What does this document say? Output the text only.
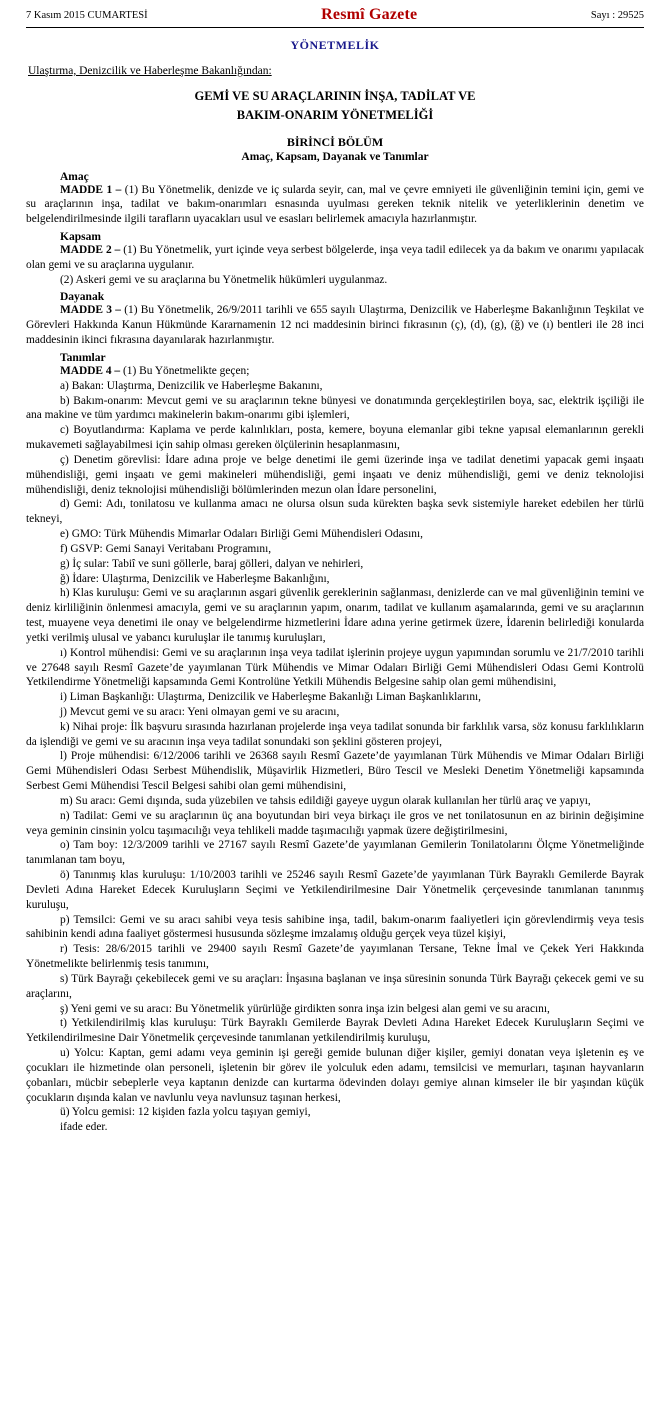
7 Kasım 2015 CUMARTESİ	Resmî Gazete	Sayı : 29525
YÖNETMELİK
Ulaştırma, Denizcilik ve Haberleşme Bakanlığından:
GEMİ VE SU ARAÇLARININ İNŞA, TADİLAT VE
BAKIM-ONARIM YÖNETMELİĞİ
BİRİNCİ BÖLÜM
Amaç, Kapsam, Dayanak ve Tanımlar
Amaç

MADDE 1 – (1) Bu Yönetmelik, denizde ve iç sularda seyir, can, mal ve çevre emniyeti ile güvenliğinin temini için, gemi ve su araçlarının inşa, tadilat ve bakım-onarımları esnasında uyulması gereken teknik nitelik ve yeterliklerinin denetim ve belgelendirilmesinde ilgili tarafların uyacakları usul ve esasları belirlemek amacıyla hazırlanmıştır.

Kapsam

MADDE 2 – (1) Bu Yönetmelik, yurt içinde veya serbest bölgelerde, inşa veya tadil edilecek ya da bakım ve onarımı yapılacak olan gemi ve su araçlarına uygulanır.

(2) Askeri gemi ve su araçlarına bu Yönetmelik hükümleri uygulanmaz.

Dayanak

MADDE 3 – (1) Bu Yönetmelik, 26/9/2011 tarihli ve 655 sayılı Ulaştırma, Denizcilik ve Haberleşme Bakanlığının Teşkilat ve Görevleri Hakkında Kanun Hükmünde Kararnamenin 12 nci maddesinin birinci fıkrasının (ç), (d), (g), (ğ) ve (ı) bentleri ile 28 inci maddesinin ikinci fıkrasına dayanılarak hazırlanmıştır.

Tanımlar

MADDE 4 – (1) Bu Yönetmelikte geçen;

a) Bakan: Ulaştırma, Denizcilik ve Haberleşme Bakanını,

b) Bakım-onarım: Mevcut gemi ve su araçlarının tekne bünyesi ve donatımında gerçekleştirilen boya, sac, elektrik işçiliği ile ana makine ve tüm yardımcı makinelerin bakım-onarımı gibi işlemleri,

c) Boyutlandırma: Kaplama ve perde kalınlıkları, posta, kemere, boyuna elemanlar gibi tekne yapısal elemanlarının gerekli mukavemeti sağlayabilmesi için sahip olması gereken ölçülerinin hesaplanmasını,

ç) Denetim görevlisi: İdare adına proje ve belge denetimi ile gemi üzerinde inşa ve tadilat denetimi yapacak gemi inşaatı mühendisliği, gemi inşaatı ve gemi makineleri mühendisliği, gemi inşaatı ve deniz mühendisliği, gemi ve deniz teknolojisi mühendisliği, deniz teknolojisi mühendisliği bölümlerinden mezun olan İdare personelini,

d) Gemi: Adı, tonilatosu ve kullanma amacı ne olursa olsun suda kürekten başka sevk sistemiyle hareket edebilen her türlü tekneyi,

e) GMO: Türk Mühendis Mimarlar Odaları Birliği Gemi Mühendisleri Odasını,

f) GSVP: Gemi Sanayi Veritabanı Programını,

g) İç sular: Tabiî ve suni göllerle, baraj gölleri, dalyan ve nehirleri,

ğ) İdare: Ulaştırma, Denizcilik ve Haberleşme Bakanlığını,

h) Klas kuruluşu: Gemi ve su araçlarının asgari güvenlik gereklerinin sağlanması, denizlerde can ve mal güvenliğinin temini ve deniz kirliliğinin önlenmesi amacıyla, gemi ve su araçlarının yapım, onarım, tadilat ve kullanım aşamalarında, gemi ve su araçlarının test, muayene veya denetimi ile onay ve belgelendirme hizmetlerini İdare adına yerine getirmek üzere, İdarenin belirlediği konularda yetki verilmiş ulusal ve yabancı kuruluşlar ile tanımış kuruluşları,

ı) Kontrol mühendisi: Gemi ve su araçlarının inşa veya tadilat işlerinin projeye uygun yapımından sorumlu ve 21/7/2010 tarihli ve 27648 sayılı Resmî Gazete’de yayımlanan Türk Mühendis ve Mimar Odaları Birliği Gemi Mühendisleri Odası Gemi Kontrolü Yetkilendirme Yönetmeliği kapsamında Gemi Kontrolüne Yetkili Mühendis Belgesine sahip olan gemi mühendisini,

i) Liman Başkanlığı: Ulaştırma, Denizcilik ve Haberleşme Bakanlığı Liman Başkanlıklarını,

j) Mevcut gemi ve su aracı: Yeni olmayan gemi ve su aracını,

k) Nihai proje: İlk başvuru sırasında hazırlanan projelerde inşa veya tadilat sonunda bir farklılık varsa, söz konusu farklılıkların da işlendiği ve gemi ve su aracının inşa veya tadilat sonundaki son şeklini gösteren projeyi,

l) Proje mühendisi: 6/12/2006 tarihli ve 26368 sayılı Resmî Gazete’de yayımlanan Türk Mühendis ve Mimar Odaları Birliği Gemi Mühendisleri Odası Serbest Mühendislik, Müşavirlik Hizmetleri, Büro Tescil ve Mesleki Denetim Yönetmeliği kapsamında Serbest Gemi Mühendisi Tescil Belgesi sahibi olan gemi mühendisini,

m) Su aracı: Gemi dışında, suda yüzebilen ve tahsis edildiği gayeye uygun olarak kullanılan her türlü araç ve yapıyı,

n) Tadilat: Gemi ve su araçlarının üç ana boyutundan biri veya birkaçı ile gros ve net tonilatosunun en az birinin değişimine veya geminin cinsinin yolcu taşımacılığı veya tehlikeli madde taşımacılığı yapmak üzere değiştirilmesini,

o) Tam boy: 12/3/2009 tarihli ve 27167 sayılı Resmî Gazete’de yayımlanan Gemilerin Tonilatolarını Ölçme Yönetmeliğinde tanımlanan tam boyu,

ö) Tanınmış klas kuruluşu: 1/10/2003 tarihli ve 25246 sayılı Resmî Gazete’de yayımlanan Türk Bayraklı Gemilerde Bayrak Devleti Adına Hareket Edecek Kuruluşların Seçimi ve Yetkilendirilmesine Dair Yönetmelik çerçevesinde tanımlanan tanınmış kuruluşu,

p) Temsilci: Gemi ve su aracı sahibi veya tesis sahibine inşa, tadil, bakım-onarım faaliyetleri için görevlendirmiş veya tesis sahibinin kendi adına faaliyet göstermesi hususunda sözleşme imzalamış olduğu gerçek veya tüzel kişiyi,

r) Tesis: 28/6/2015 tarihli ve 29400 sayılı Resmî Gazete’de yayımlanan Tersane, Tekne İmal ve Çekek Yeri Hakkında Yönetmelikte belirlenmiş tesis tanımını,

s) Türk Bayrağı çekebilecek gemi ve su araçları: İnşasına başlanan ve inşa süresinin sonunda Türk Bayrağı çekecek gemi ve su araçlarını,

ş) Yeni gemi ve su aracı: Bu Yönetmelik yürürlüğe girdikten sonra inşa izin belgesi alan gemi ve su aracını,

t) Yetkilendirilmiş klas kuruluşu: Türk Bayraklı Gemilerde Bayrak Devleti Adına Hareket Edecek Kuruluşların Seçimi ve Yetkilendirilmesine Dair Yönetmelik çerçevesinde tanımlanan yetkilendirilmiş kuruluşu,

u) Yolcu: Kaptan, gemi adamı veya geminin işi gereği gemide bulunan diğer kişiler, gemiyi donatan veya işletenin eş ve çocukları ile hizmetinde olan personeli, işletenin bir görev ile yolculuk eden adamı, temsilcisi ve memurları, taşınan hayvanların çobanları, mücbir sebeplerle veya kaptanın denizde can kurtarma ödevinden dolayı gemiye alınan kimseler ile bir yaşından küçük çocukların dışında kalan ve navlunlu veya navlunsuz taşınan herkesi,

ü) Yolcu gemisi: 12 kişiden fazla yolcu taşıyan gemiyi,

ifade eder.
